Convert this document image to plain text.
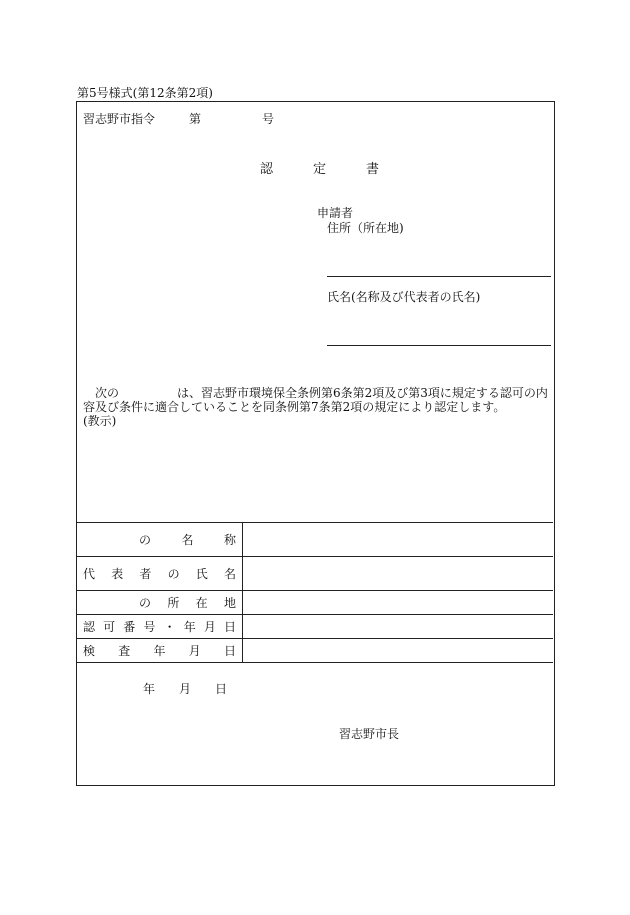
第5号様式(第12条第2項)
習志野市指令	第	号
認	定	書
申請者
住所（所在地)
氏名(名称及び代表者の氏名)
次の	は、習志野市環境保全条例第6条第2項及び第3項に規定する認可の内容及び条件に適合していることを同条例第7条第2項の規定により認定します。
(教示)
の	名	称
代 表 者 の 氏 名
の 所 在 地
認 可 番 号 ・ 年 月 日
検 査 年 月 日
年 月 日
習志野市長
